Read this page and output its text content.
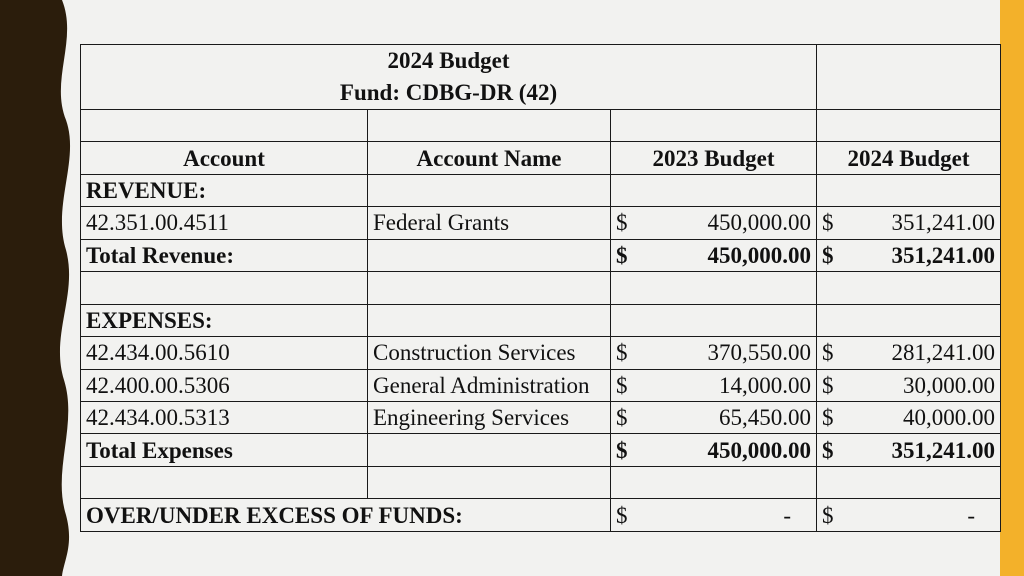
2024 Budget			
Fund: CDBG-DR (42)			

Account	Account Name	2023 Budget	2024 Budget
REVENUE:			
42.351.00.4511	Federal Grants	$ 450,000.00	$ 351,241.00

Total Revenue:		$ 450,000.00	$ 351,241.00

EXPENSES:			
42.434.00.5610	Construction Services	$ 370,550.00	$ 281,241.00

42.400.00.5306	General Administration	$ 14,000.00	$ 30,000.00

42.434.00.5313	Engineering Services	$ 65,450.00	$ 40,000.00

Total Expenses		$ 450,000.00	$ 351,241.00

OVER/UNDER EXCESS OF FUNDS:		$ -	$ -
